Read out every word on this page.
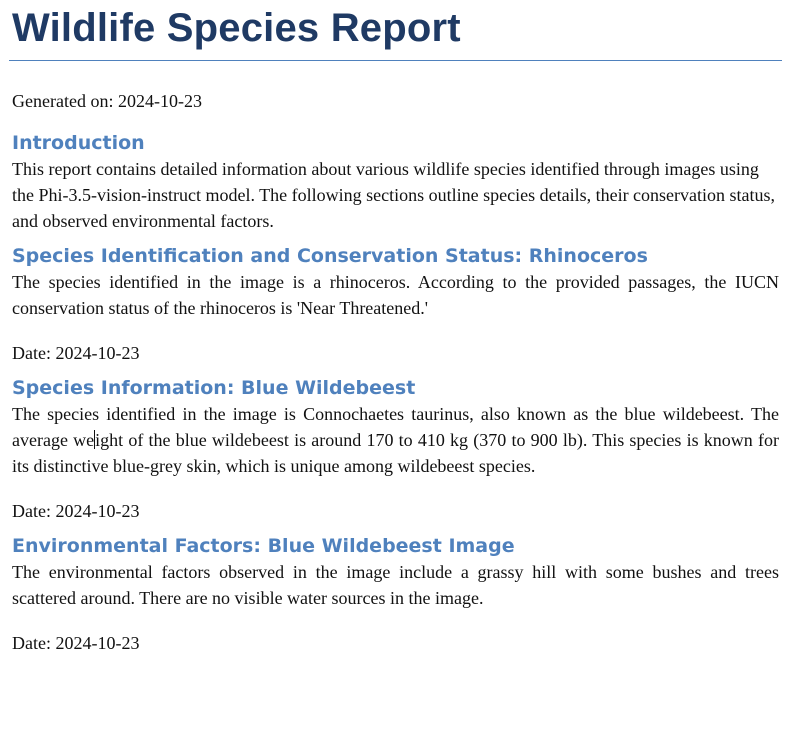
Wildlife Species Report

Generated on: 2024-10-23

Introduction

This report contains detailed information about various wildlife species identified through images using the Phi-3.5-vision-instruct model. The following sections outline species details, their conservation status, and observed environmental factors.

Species Identification and Conservation Status: Rhinoceros

The species identified in the image is a rhinoceros. According to the provided passages, the IUCN conservation status of the rhinoceros is 'Near Threatened.'

Date: 2024-10-23

Species Information: Blue Wildebeest

The species identified in the image is Connochaetes taurinus, also known as the blue wildebeest. The average weight of the blue wildebeest is around 170 to 410 kg (370 to 900 lb). This species is known for its distinctive blue-grey skin, which is unique among wildebeest species.

Date: 2024-10-23

Environmental Factors: Blue Wildebeest Image

The environmental factors observed in the image include a grassy hill with some bushes and trees scattered around. There are no visible water sources in the image.

Date: 2024-10-23
